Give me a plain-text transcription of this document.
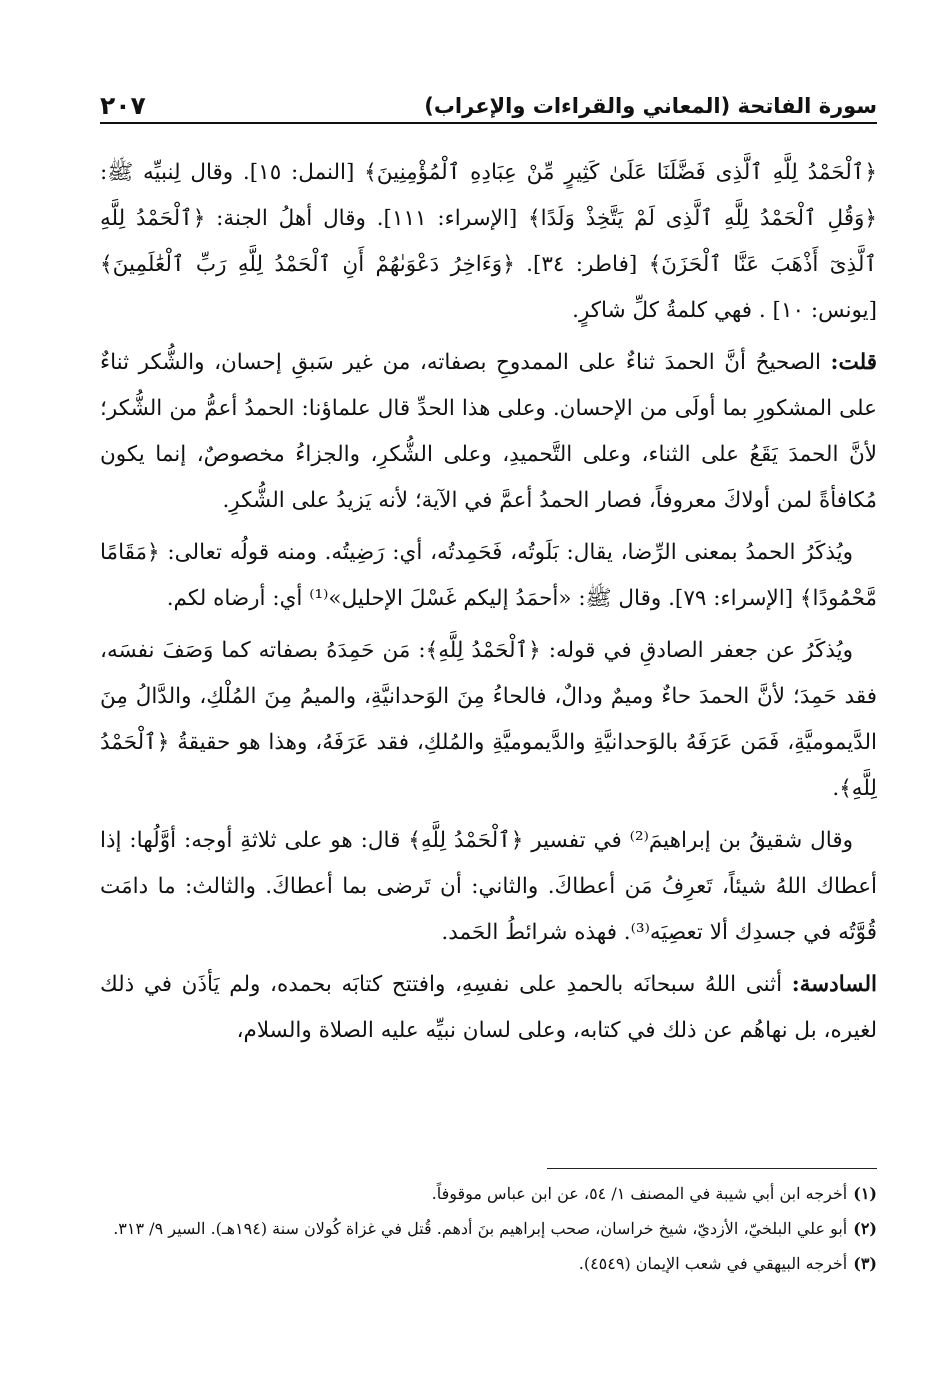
سورة الفاتحة (المعاني والقراءات والإعراب)
٢٠٧

﴿ٱلْحَمْدُ لِلَّهِ ٱلَّذِى فَضَّلَنَا عَلَىٰ كَثِيرٍ مِّنْ عِبَادِهِ ٱلْمُؤْمِنِينَ﴾ [النمل: ١٥]. وقال لِنبيِّه ﷺ: ﴿وَقُلِ ٱلْحَمْدُ لِلَّهِ ٱلَّذِى لَمْ يَتَّخِذْ وَلَدًا﴾ [الإسراء: ١١١]. وقال أهلُ الجنة: ﴿ٱلْحَمْدُ لِلَّهِ ٱلَّذِىٓ أَذْهَبَ عَنَّا ٱلْحَزَنَ﴾ [فاطر: ٣٤]. ﴿وَءَاخِرُ دَعْوَىٰهُمْ أَنِ ٱلْحَمْدُ لِلَّهِ رَبِّ ٱلْعَٰلَمِينَ﴾ [يونس: ١٠] . فهي كلمةُ كلِّ شاكرٍ.

قلت: الصحيحُ أنَّ الحمدَ ثناءٌ على الممدوحِ بصفاته، من غير سَبقِ إحسان، والشُّكر ثناءٌ على المشكورِ بما أولَى من الإحسان. وعلى هذا الحدِّ قال علماؤنا: الحمدُ أعمُّ من الشُّكر؛ لأنَّ الحمدَ يَقَعُ على الثناء، وعلى التَّحميدِ، وعلى الشُّكرِ، والجزاءُ مخصوصٌ، إنما يكون مُكافأةً لمن أولاكَ معروفاً، فصار الحمدُ أعمَّ في الآية؛ لأنه يَزيدُ على الشُّكرِ.

ويُذكَرُ الحمدُ بمعنى الرِّضا، يقال: بَلَوتُه، فَحَمِدتُه، أي: رَضِيتُه. ومنه قولُه تعالى: ﴿مَقَامًا مَّحْمُودًا﴾ [الإسراء: ٧٩]. وقال ﷺ: «أحمَدُ إليكم غَسْلَ الإحليل»⁽¹⁾ أي: أرضاه لكم.

ويُذكَرُ عن جعفر الصادقِ في قوله: ﴿ٱلْحَمْدُ لِلَّهِ﴾: مَن حَمِدَهُ بصفاته كما وَصَفَ نفسَه، فقد حَمِدَ؛ لأنَّ الحمدَ حاءٌ وميمٌ ودالٌ، فالحاءُ مِنَ الوَحدانيَّةِ، والميمُ مِنَ المُلْكِ، والدَّالُ مِنَ الدَّيموميَّةِ، فَمَن عَرَفَهُ بالوَحدانيَّةِ والدَّيموميَّةِ والمُلكِ، فقد عَرَفَهُ، وهذا هو حقيقةُ ﴿ٱلْحَمْدُ لِلَّهِ﴾.

وقال شقيقُ بن إبراهيمَ⁽²⁾ في تفسير ﴿ٱلْحَمْدُ لِلَّهِ﴾ قال: هو على ثلاثةِ أوجه: أوَّلُها: إذا أعطاك اللهُ شيئاً، تَعرِفُ مَن أعطاكَ. والثاني: أن تَرضى بما أعطاكَ. والثالث: ما دامَت قُوَّتُه في جسدِك ألا تعصِيَه⁽³⁾. فهذه شرائطُ الحَمد.

السادسة: أثنى اللهُ سبحانَه بالحمدِ على نفسِهِ، وافتتح كتابَه بحمده، ولم يَأذَن في ذلك لغيره، بل نهاهُم عن ذلك في كتابه، وعلى لسان نبيِّه عليه الصلاة والسلام،

(١)أخرجه ابن أبي شيبة في المصنف ١/ ٥٤، عن ابن عباس موقوفاً.

(٢)أبو علي البلخيّ، الأزديّ، شيخ خراسان، صحب إبراهيم بنَ أدهم. قُتل في غزاة كُولان سنة (١٩٤هـ). السير ٩/ ٣١٣.

(٣)أخرجه البيهقي في شعب الإيمان (٤٥٤٩).
